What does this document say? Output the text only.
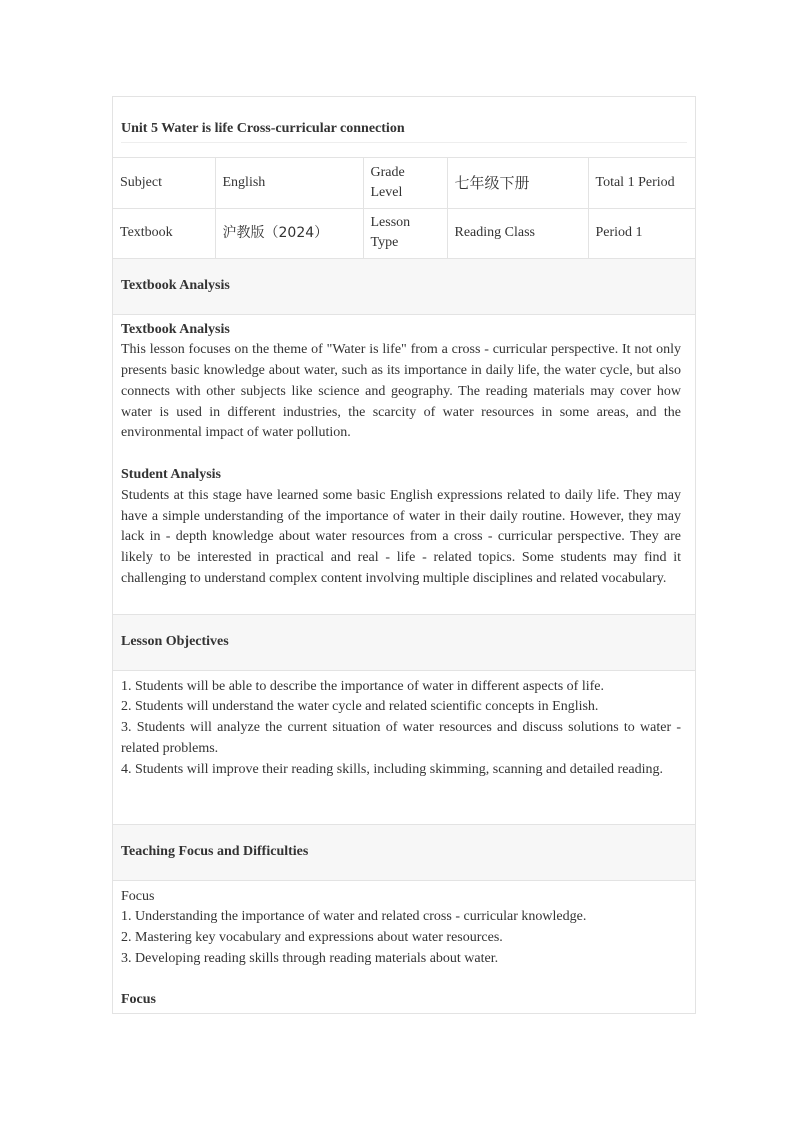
Unit 5 Water is life Cross-curricular connection
Subject	English	Grade Level	七年级下册	Total 1 Period
Textbook	沪教版（2024）	Lesson Type	Reading Class	Period 1
Textbook Analysis
Textbook Analysis

This lesson focuses on the theme of "Water is life" from a cross - curricular perspective. It not only presents basic knowledge about water, such as its importance in daily life, the water cycle, but also connects with other subjects like science and geography. The reading materials may cover how water is used in different industries, the scarcity of water resources in some areas, and the environmental impact of water pollution.

Student Analysis

Students at this stage have learned some basic English expressions related to daily life. They may have a simple understanding of the importance of water in their daily routine. However, they may lack in - depth knowledge about water resources from a cross - curricular perspective. They are likely to be interested in practical and real - life - related topics. Some students may find it challenging to understand complex content involving multiple disciplines and related vocabulary.

Lesson Objectives

1. Students will be able to describe the importance of water in different aspects of life.

2. Students will understand the water cycle and related scientific concepts in English.

3. Students will analyze the current situation of water resources and discuss solutions to water - related problems.

4. Students will improve their reading skills, including skimming, scanning and detailed reading.

Teaching Focus and Difficulties

Focus

1. Understanding the importance of water and related cross - curricular knowledge.

2. Mastering key vocabulary and expressions about water resources.

3. Developing reading skills through reading materials about water.

Focus
